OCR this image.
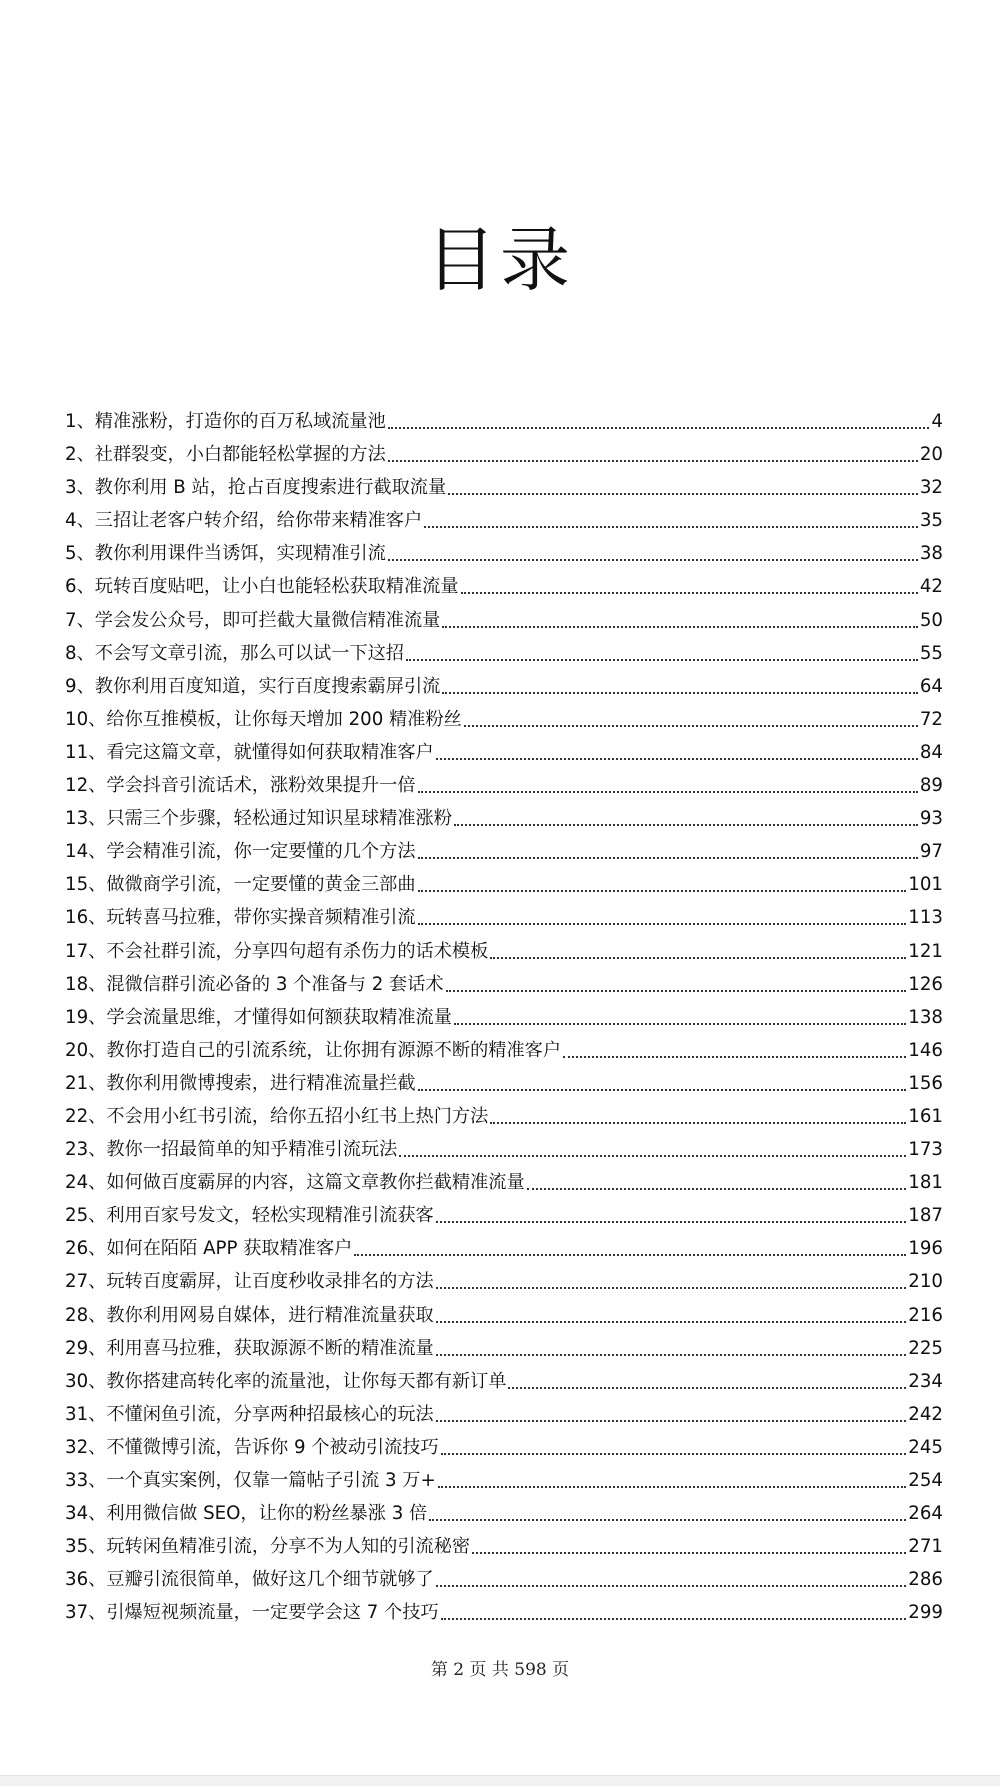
目录
1、 精准涨粉，打造你的百万私域流量池	4
2、 社群裂变，小白都能轻松掌握的方法	20
3、 教你利用 B 站，抢占百度搜索进行截取流量	32
4、 三招让老客户转介绍，给你带来精准客户	35
5、 教你利用课件当诱饵，实现精准引流	38
6、 玩转百度贴吧，让小白也能轻松获取精准流量	42
7、 学会发公众号，即可拦截大量微信精准流量	50
8、 不会写文章引流，那么可以试一下这招	55
9、 教你利用百度知道，实行百度搜索霸屏引流	64
10、 给你互推模板，让你每天增加 200 精准粉丝	72
11、 看完这篇文章，就懂得如何获取精准客户	84
12、 学会抖音引流话术，涨粉效果提升一倍	89
13、 只需三个步骤，轻松通过知识星球精准涨粉	93
14、 学会精准引流，你一定要懂的几个方法	97
15、 做微商学引流，一定要懂的黄金三部曲	101
16、 玩转喜马拉雅，带你实操音频精准引流	113
17、 不会社群引流，分享四句超有杀伤力的话术模板	121
18、 混微信群引流必备的 3 个准备与 2 套话术	126
19、 学会流量思维，才懂得如何额获取精准流量	138
20、 教你打造自己的引流系统，让你拥有源源不断的精准客户	146
21、 教你利用微博搜索，进行精准流量拦截	156
22、 不会用小红书引流，给你五招小红书上热门方法	161
23、 教你一招最简单的知乎精准引流玩法	173
24、 如何做百度霸屏的内容，这篇文章教你拦截精准流量	181
25、 利用百家号发文，轻松实现精准引流获客	187
26、 如何在陌陌 APP 获取精准客户	196
27、 玩转百度霸屏，让百度秒收录排名的方法	210
28、 教你利用网易自媒体，进行精准流量获取	216
29、 利用喜马拉雅，获取源源不断的精准流量	225
30、 教你搭建高转化率的流量池，让你每天都有新订单	234
31、 不懂闲鱼引流，分享两种招最核心的玩法	242
32、 不懂微博引流，告诉你 9 个被动引流技巧	245
33、 一个真实案例，仅靠一篇帖子引流 3 万+	254
34、 利用微信做 SEO，让你的粉丝暴涨 3 倍	264
35、 玩转闲鱼精准引流，分享不为人知的引流秘密	271
36、 豆瓣引流很简单，做好这几个细节就够了	286
37、 引爆短视频流量，一定要学会这 7 个技巧	299
第 2 页 共 598 页
